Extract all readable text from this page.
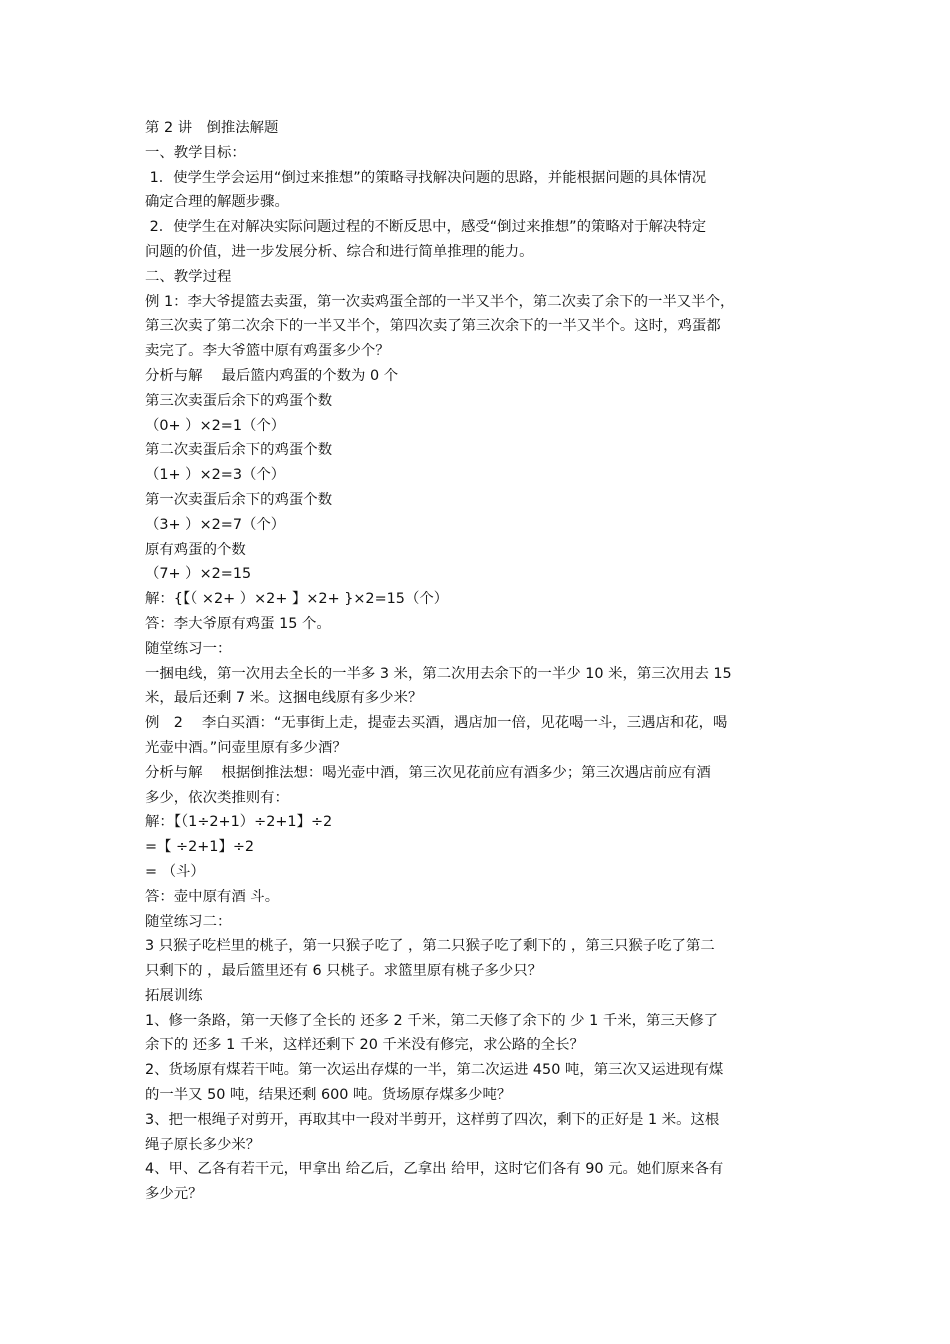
第 2 讲　倒推法解题

一、教学目标：

1．使学生学会运用“倒过来推想”的策略寻找解决问题的思路，并能根据问题的具体情况

确定合理的解题步骤。

2．使学生在对解决实际问题过程的不断反思中，感受“倒过来推想”的策略对于解决特定

问题的价值，进一步发展分析、综合和进行简单推理的能力。

二、教学过程

例 1：李大爷提篮去卖蛋，第一次卖鸡蛋全部的一半又半个，第二次卖了余下的一半又半个，

第三次卖了第二次余下的一半又半个，第四次卖了第三次余下的一半又半个。这时，鸡蛋都

卖完了。李大爷篮中原有鸡蛋多少个？

分析与解　 最后篮内鸡蛋的个数为 0 个

第三次卖蛋后余下的鸡蛋个数

（0+ ）×2=1（个）

第二次卖蛋后余下的鸡蛋个数

（1+ ）×2=3（个）

第一次卖蛋后余下的鸡蛋个数

（3+ ）×2=7（个）

原有鸡蛋的个数

（7+ ）×2=15

解：{【（ ×2+ ）×2+ 】×2+ }×2=15（个）

答：李大爷原有鸡蛋 15 个。

随堂练习一：

一捆电线，第一次用去全长的一半多 3 米，第二次用去余下的一半少 10 米，第三次用去 15

米，最后还剩 7 米。这捆电线原有多少米？

例　2　 李白买酒：“无事街上走，提壶去买酒，遇店加一倍，见花喝一斗，三遇店和花，喝

光壶中酒。”问壶里原有多少酒？

分析与解　 根据倒推法想：喝光壶中酒，第三次见花前应有酒多少；第三次遇店前应有酒

多少，依次类推则有：

解：【（1÷2+1）÷2+1】÷2

=【 ÷2+1】÷2

= （斗）

答：壶中原有酒 斗。

随堂练习二：

3 只猴子吃栏里的桃子，第一只猴子吃了 ，第二只猴子吃了剩下的 ，第三只猴子吃了第二

只剩下的 ，最后篮里还有 6 只桃子。求篮里原有桃子多少只？

拓展训练

1、修一条路，第一天修了全长的 还多 2 千米，第二天修了余下的 少 1 千米，第三天修了

余下的 还多 1 千米，这样还剩下 20 千米没有修完，求公路的全长？

2、货场原有煤若干吨。第一次运出存煤的一半，第二次运进 450 吨，第三次又运进现有煤

的一半又 50 吨，结果还剩 600 吨。货场原存煤多少吨？

3、把一根绳子对剪开，再取其中一段对半剪开，这样剪了四次，剩下的正好是 1 米。这根

绳子原长多少米？

4、甲、乙各有若干元，甲拿出 给乙后，乙拿出 给甲，这时它们各有 90 元。她们原来各有

多少元？
